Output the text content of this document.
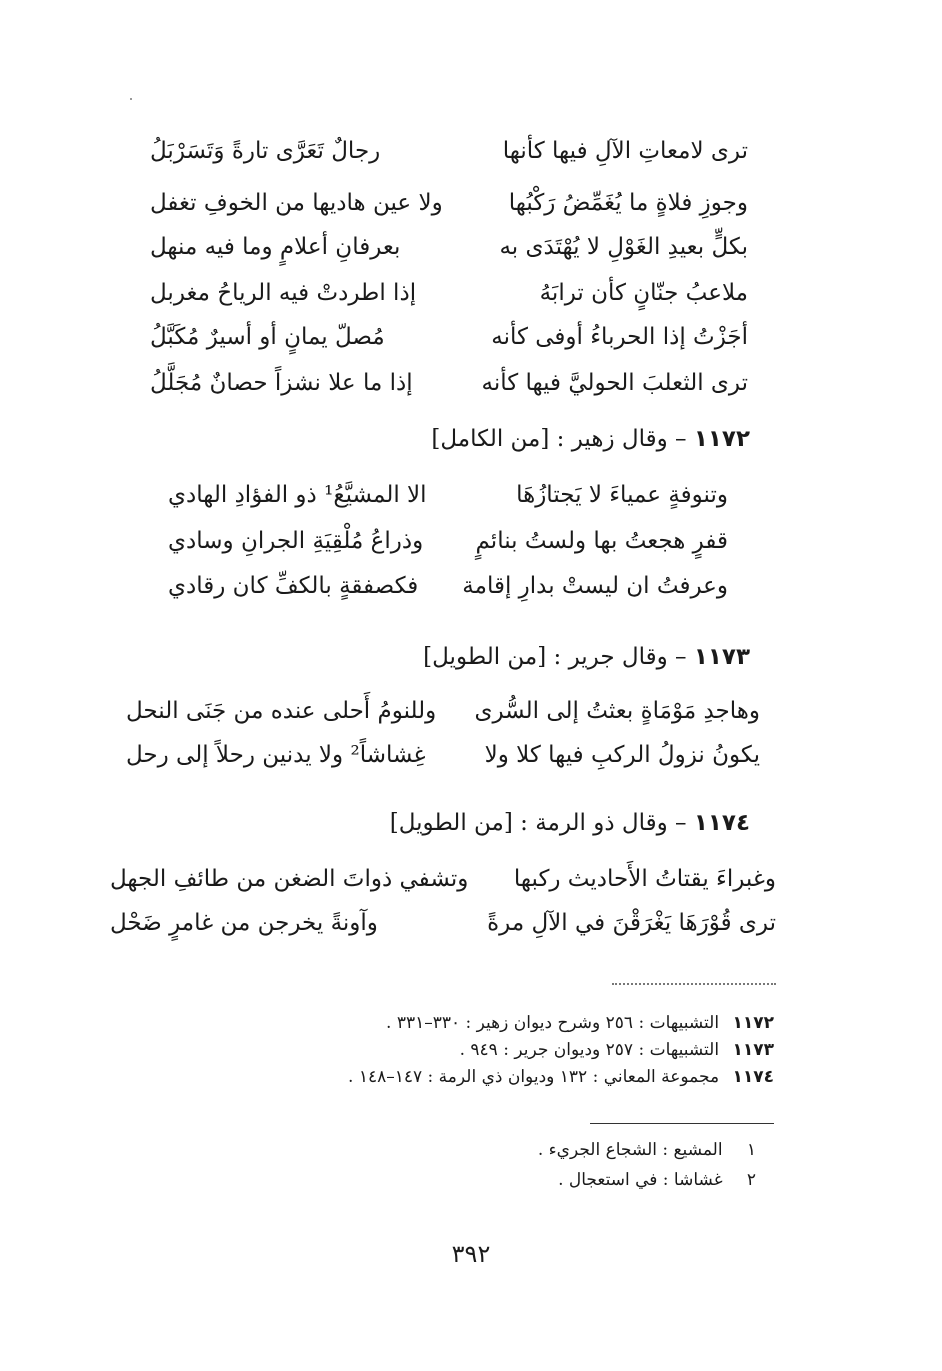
ترى لامعاتِ الآلِ فيها كأنها
رجالٌ تَعَرَّى تارةً وَتَسَرْبَلُ
وجوزِ فلاةٍ ما يُغَمِّضُ رَكْبُها
ولا عين هاديها من الخوفِ تغفل
بكلٍّ بعيدِ الغَوْلِ لا يُهْتَدَى به
بعرفانِ أعلامٍ وما فيه منهل
ملاعبُ جنّانٍ كأن ترابَهُ
إذا اطردتْ فيه الرياحُ مغربل
أجَزْتُ إذا الحرباءُ أوفى كأنه
مُصلّ يمانٍ أو أسيرٌ مُكَبَّلُ
ترى الثعلبَ الحوليَّ فيها كأنه
إذا ما علا نشزاً حصانٌ مُجَلَّلُ
١١٧٢ – وقال زهير : [من الكامل]
وتنوفةٍ عمياءَ لا يَجتازُهَا
الا المشيَّعُ¹ ذو الفؤادِ الهادي
قفرٍ هجعتُ بها ولستُ بنائمٍ
وذراعُ مُلْقِيَةِ الجرانِ وسادي
وعرفتُ ان ليستْ بدارِ إقامة
فكصفقةٍ بالكفِّ كان رقادي
١١٧٣ – وقال جرير : [من الطويل]
وهاجدِ مَوْمَاةٍ بعثتُ إلى السُّرى
وللنومُ أَحلى عنده من جَنَى النحل
يكونُ نزولُ الركبِ فيها كلا ولا
غِشاشاً² ولا يدنين رحلاً إلى رحل
١١٧٤ – وقال ذو الرمة : [من الطويل]
وغبراءَ يقتاتُ الأَحاديث ركبها
وتشفي ذواتَ الضغن من طائفِ الجهل
ترى قُوْرَهَا يَغْرَقْنَ في الآلِ مرةً
وآونةً يخرجن من غامرٍ ضَحْل
١١٧٢ التشبيهات : ٢٥٦ وشرح ديوان زهير : ٣٣٠–٣٣١ .
١١٧٣ التشبيهات : ٢٥٧ وديوان جرير : ٩٤٩ .
١١٧٤ مجموعة المعاني : ١٣٢ وديوان ذي الرمة : ١٤٧–١٤٨ .
١ المشيع : الشجاع الجريء .
٢ غشاشا : في استعجال .
٣٩٢
